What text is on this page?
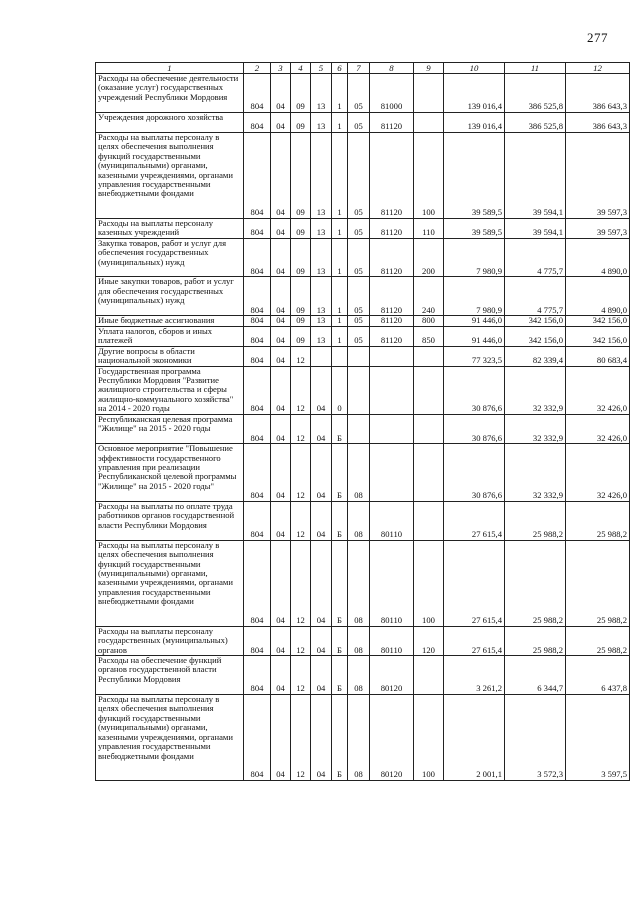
277
1	2	3	4	5	6	7	8	9	10	11	12
Расходы на обеспечение деятельности (оказание услуг) государственных учреждений Республики Мордовия	804	04	09	13	1	05	81000		139 016,4	386 525,8	386 643,3
Учреждения дорожного хозяйства	804	04	09	13	1	05	81120		139 016,4	386 525,8	386 643,3
Расходы на выплаты персоналу в целях обеспечения выполнения функций государственными (муниципальными) органами, казенными учреждениями, органами управления государственными внебюджетными фондами	804	04	09	13	1	05	81120	100	39 589,5	39 594,1	39 597,3
Расходы на выплаты персоналу казенных учреждений	804	04	09	13	1	05	81120	110	39 589,5	39 594,1	39 597,3
Закупка товаров, работ и услуг для обеспечения государственных (муниципальных) нужд	804	04	09	13	1	05	81120	200	7 980,9	4 775,7	4 890,0
Иные закупки товаров, работ и услуг для обеспечения государственных (муниципальных) нужд	804	04	09	13	1	05	81120	240	7 980,9	4 775,7	4 890,0
Иные бюджетные ассигнования	804	04	09	13	1	05	81120	800	91 446,0	342 156,0	342 156,0
Уплата налогов, сборов и иных платежей	804	04	09	13	1	05	81120	850	91 446,0	342 156,0	342 156,0
Другие вопросы в области национальной экономики	804	04	12						77 323,5	82 339,4	80 683,4
Государственная программа Республики Мордовия "Развитие жилищного строительства и сферы жилищно-коммунального хозяйства" на 2014 - 2020 годы	804	04	12	04	0				30 876,6	32 332,9	32 426,0
Республиканская целевая программа "Жилище" на 2015 - 2020 годы	804	04	12	04	Б				30 876,6	32 332,9	32 426,0
Основное мероприятие "Повышение эффективности государственного управления при реализации Республиканской целевой программы "Жилище" на 2015 - 2020 годы"	804	04	12	04	Б	08			30 876,6	32 332,9	32 426,0
Расходы на выплаты по оплате труда работников органов государственной власти Республики Мордовия	804	04	12	04	Б	08	80110		27 615,4	25 988,2	25 988,2
Расходы на выплаты персоналу в целях обеспечения выполнения функций государственными (муниципальными) органами, казенными учреждениями, органами управления государственными внебюджетными фондами	804	04	12	04	Б	08	80110	100	27 615,4	25 988,2	25 988,2
Расходы на выплаты персоналу государственных (муниципальных) органов	804	04	12	04	Б	08	80110	120	27 615,4	25 988,2	25 988,2
Расходы на обеспечение функций органов государственной власти Республики Мордовия	804	04	12	04	Б	08	80120		3 261,2	6 344,7	6 437,8
Расходы на выплаты персоналу в целях обеспечения выполнения функций государственными (муниципальными) органами, казенными учреждениями, органами управления государственными внебюджетными фондами	804	04	12	04	Б	08	80120	100	2 001,1	3 572,3	3 597,5
